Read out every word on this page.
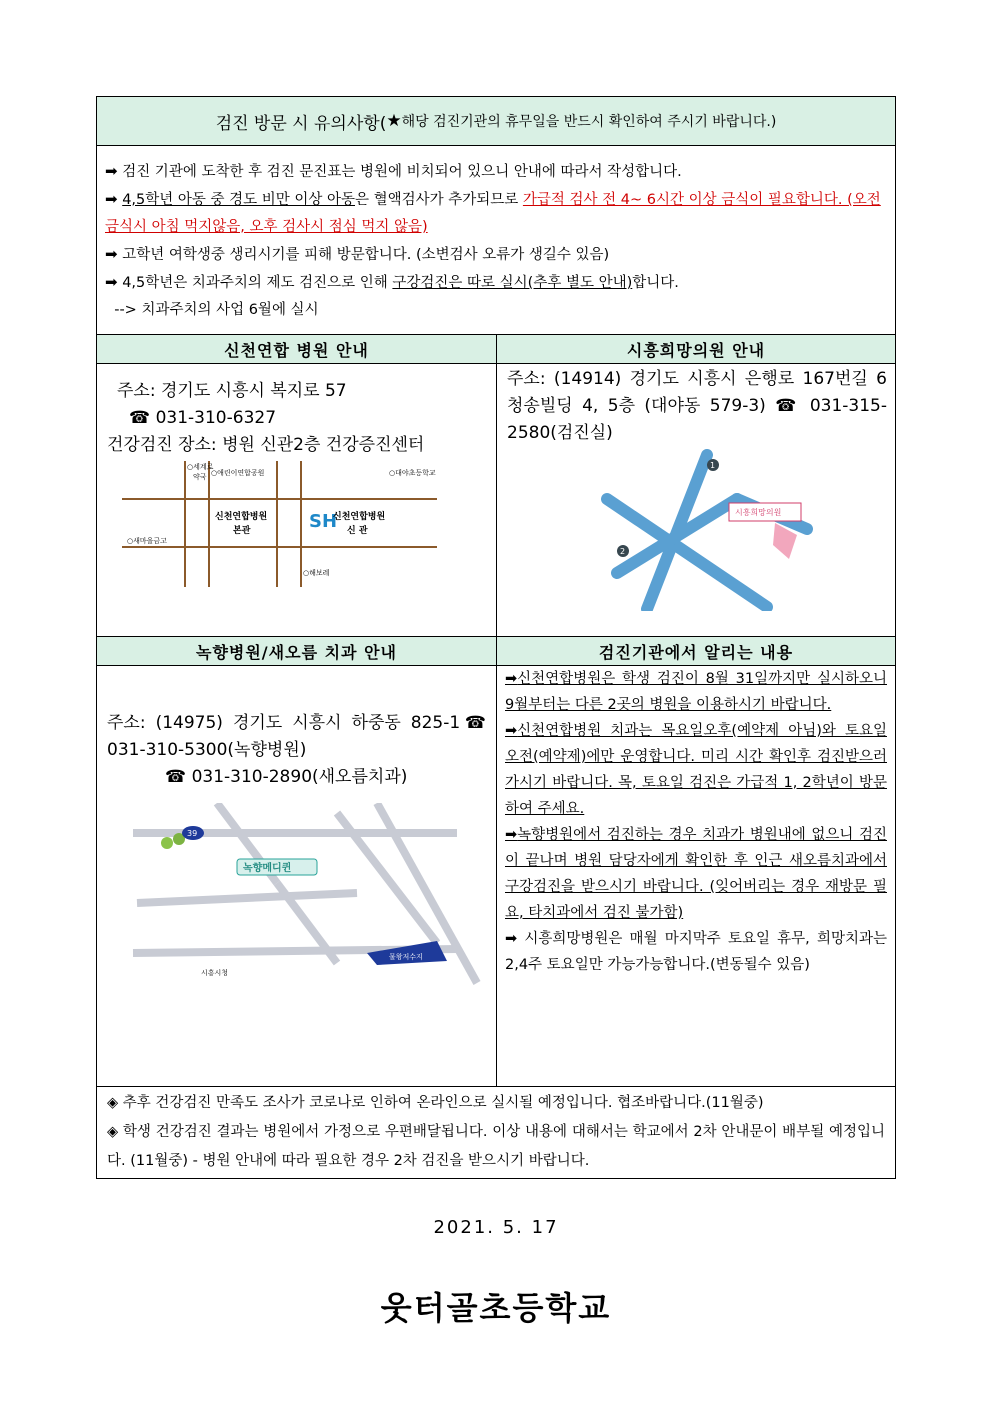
검진 방문 시 유의사항( ★ 해당 검진기관의 휴무일을 반드시 확인하여 주시기 바랍니다.)
➡ 검진 기관에 도착한 후 검진 문진표는 병원에 비치되어 있으니 안내에 따라서 작성합니다.
➡ 4,5학년 아동 중 경도 비만 이상 아동은 혈액검사가 추가되므로 가급적 검사 전 4~ 6시간 이상 금식이 필요합니다. (오전금식시 아침 먹지않음, 오후 검사시 점심 먹지 않음)
➡ 고학년 여학생중 생리시기를 피해 방문합니다. (소변검사 오류가 생길수 있음)
➡ 4,5학년은 치과주치의 제도 검진으로 인해 구강검진은 따로 실시(추후 별도 안내)합니다.
--> 치과주치의 사업 6월에 실시
신천연합 병원 안내	시흥희망의원 안내
주소: 경기도 시흥시 복지로 57
☎ 031-310-6327
건강검진 장소: 병원 신관2층 건강증진센터
○세계로
약국 ○애린이연합공원	○대야초등학교
○새마을금고
신천연합병원
본관	SH
신천연합병원
신 관
○해보레
주소: (14914) 경기도 시흥시 은행로 167번길 6 청송빌딩 4, 5층 (대야동 579-3) ☎ 031-315-2580(검진실)
시흥희망의원
1
2
녹향병원/새오름 치과 안내	검진기관에서 알리는 내용
주소: (14975) 경기도 시흥시 하중동 825-1☎ 031-310-5300(녹향병원)
☎ 031-310-2890(새오름치과)
녹향메디퀸
물왕저수지
39
시흥시청
➡신천연합병원은 학생 검진이 8월 31일까지만 실시하오니 9월부터는 다른 2곳의 병원을 이용하시기 바랍니다.
➡신천연합병원 치과는 목요일오후(예약제 아님)와 토요일 오전(예약제)에만 운영합니다. 미리 시간 확인후 검진받으러 가시기 바랍니다. 목, 토요일 검진은 가급적 1, 2학년이 방문하여 주세요.
➡녹향병원에서 검진하는 경우 치과가 병원내에 없으니 검진이 끝나며 병원 담당자에게 확인한 후 인근 새오름치과에서 구강검진을 받으시기 바랍니다. (잊어버리는 경우 재방문 필요, 타치과에서 검진 불가함)
➡ 시흥희망병원은 매월 마지막주 토요일 휴무, 희망치과는 2,4주 토요일만 가능가능합니다.(변동될수 있음)
◈ 추후 건강검진 만족도 조사가 코로나로 인하여 온라인으로 실시될 예정입니다. 협조바랍니다.(11월중)
◈ 학생 건강검진 결과는 병원에서 가정으로 우편배달됩니다. 이상 내용에 대해서는 학교에서 2차 안내문이 배부될 예정입니다. (11월중) - 병원 안내에 따라 필요한 경우 2차 검진을 받으시기 바랍니다.
2021. 5. 17
웃터골초등학교
